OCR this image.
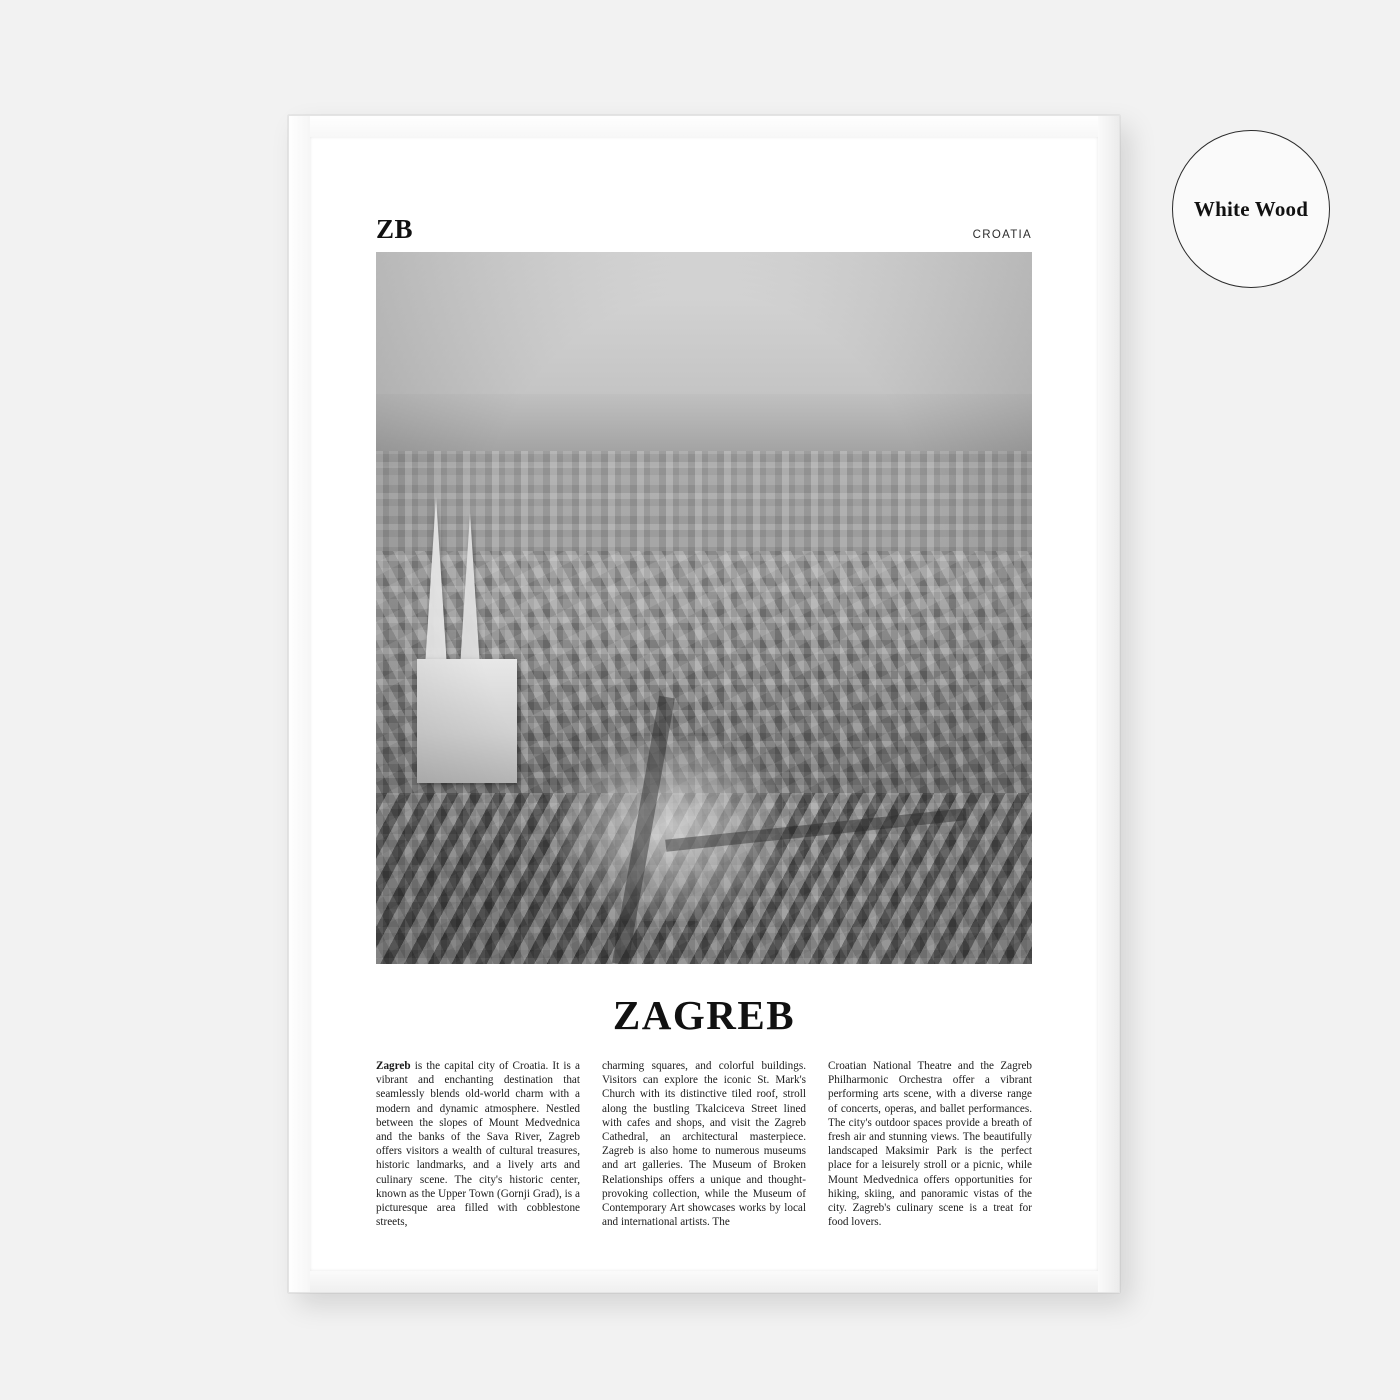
White Wood
ZB	CROATIA
ZAGREB

Zagreb is the capital city of Croatia. It is a vibrant and enchanting destination that seamlessly blends old-world charm with a modern and dynamic atmosphere. Nestled between the slopes of Mount Medvednica and the banks of the Sava River, Zagreb offers visitors a wealth of cultural treasures, historic landmarks, and a lively arts and culinary scene. The city's historic center, known as the Upper Town (Gornji Grad), is a picturesque area filled with cobblestone streets,

charming squares, and colorful buildings. Visitors can explore the iconic St. Mark's Church with its distinctive tiled roof, stroll along the bustling Tkalciceva Street lined with cafes and shops, and visit the Zagreb Cathedral, an architectural masterpiece. Zagreb is also home to numerous museums and art galleries. The Museum of Broken Relationships offers a unique and thought-provoking collection, while the Museum of Contemporary Art showcases works by local and international artists. The

Croatian National Theatre and the Zagreb Philharmonic Orchestra offer a vibrant performing arts scene, with a diverse range of concerts, operas, and ballet performances. The city's outdoor spaces provide a breath of fresh air and stunning views. The beautifully landscaped Maksimir Park is the perfect place for a leisurely stroll or a picnic, while Mount Medvednica offers opportunities for hiking, skiing, and panoramic vistas of the city. Zagreb's culinary scene is a treat for food lovers.
